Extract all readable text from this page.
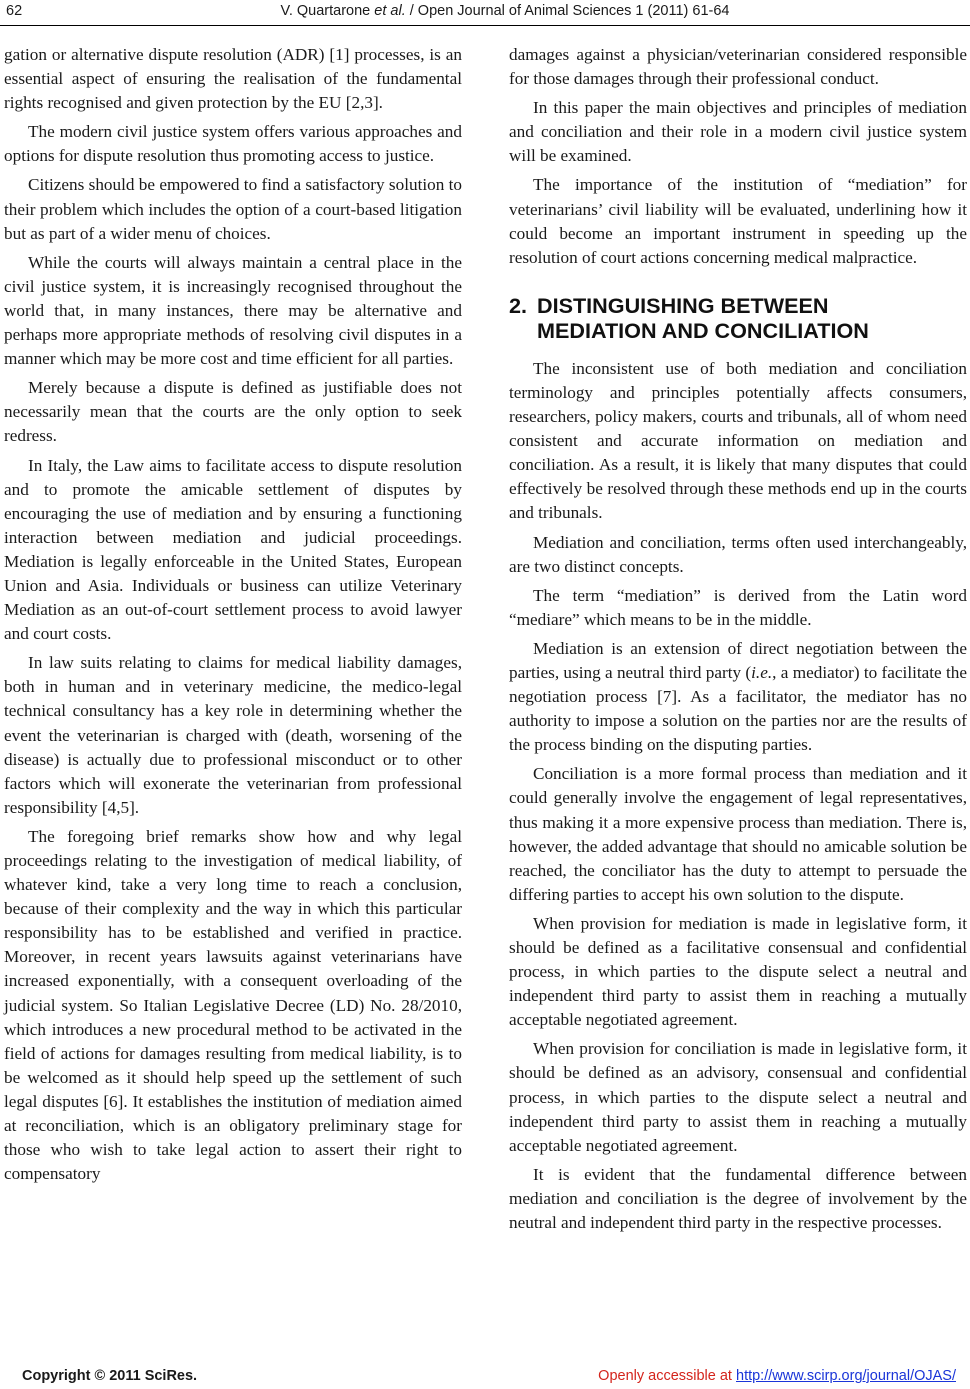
62	V. Quartarone et al. / Open Journal of Animal Sciences 1 (2011) 61-64

gation or alternative dispute resolution (ADR) [1] processes, is an essential aspect of ensuring the realisation of the fundamental rights recognised and given protection by the EU [2,3].

The modern civil justice system offers various approaches and options for dispute resolution thus promoting access to justice.

Citizens should be empowered to find a satisfactory solution to their problem which includes the option of a court-based litigation but as part of a wider menu of choices.

While the courts will always maintain a central place in the civil justice system, it is increasingly recognised throughout the world that, in many instances, there may be alternative and perhaps more appropriate methods of resolving civil disputes in a manner which may be more cost and time efficient for all parties.

Merely because a dispute is defined as justifiable does not necessarily mean that the courts are the only option to seek redress.

In Italy, the Law aims to facilitate access to dispute resolution and to promote the amicable settlement of disputes by encouraging the use of mediation and by ensuring a functioning interaction between mediation and judicial proceedings. Mediation is legally enforceable in the United States, European Union and Asia. Individuals or business can utilize Veterinary Mediation as an out-of-court settlement process to avoid lawyer and court costs.

In law suits relating to claims for medical liability damages, both in human and in veterinary medicine, the medico-legal technical consultancy has a key role in determining whether the event the veterinarian is charged with (death, worsening of the disease) is actually due to professional misconduct or to other factors which will exonerate the veterinarian from professional responsibility [4,5].

The foregoing brief remarks show how and why legal proceedings relating to the investigation of medical liability, of whatever kind, take a very long time to reach a conclusion, because of their complexity and the way in which this particular responsibility has to be established and verified in practice. Moreover, in recent years lawsuits against veterinarians have increased exponentially, with a consequent overloading of the judicial system. So Italian Legislative Decree (LD) No. 28/2010, which introduces a new procedural method to be activated in the field of actions for damages resulting from medical liability, is to be welcomed as it should help speed up the settlement of such legal disputes [6]. It establishes the institution of mediation aimed at reconciliation, which is an obligatory preliminary stage for those who wish to take legal action to assert their right to compensatory

damages against a physician/veterinarian considered responsible for those damages through their professional conduct.

In this paper the main objectives and principles of mediation and conciliation and their role in a modern civil justice system will be examined.

The importance of the institution of “mediation” for veterinarians’ civil liability will be evaluated, underlining how it could become an important instrument in speeding up the resolution of court actions concerning medical malpractice.

2. DISTINGUISHING BETWEEN
MEDIATION AND CONCILIATION

The inconsistent use of both mediation and conciliation terminology and principles potentially affects consumers, researchers, policy makers, courts and tribunals, all of whom need consistent and accurate information on mediation and conciliation. As a result, it is likely that many disputes that could effectively be resolved through these methods end up in the courts and tribunals.

Mediation and conciliation, terms often used interchangeably, are two distinct concepts.

The term “mediation” is derived from the Latin word “mediare” which means to be in the middle.

Mediation is an extension of direct negotiation between the parties, using a neutral third party (i.e., a mediator) to facilitate the negotiation process [7]. As a facilitator, the mediator has no authority to impose a solution on the parties nor are the results of the process binding on the disputing parties.

Conciliation is a more formal process than mediation and it could generally involve the engagement of legal representatives, thus making it a more expensive process than mediation. There is, however, the added advantage that should no amicable solution be reached, the conciliator has the duty to attempt to persuade the differing parties to accept his own solution to the dispute.

When provision for mediation is made in legislative form, it should be defined as a facilitative consensual and confidential process, in which parties to the dispute select a neutral and independent third party to assist them in reaching a mutually acceptable negotiated agreement.

When provision for conciliation is made in legislative form, it should be defined as an advisory, consensual and confidential process, in which parties to the dispute select a neutral and independent third party to assist them in reaching a mutually acceptable negotiated agreement.

It is evident that the fundamental difference between mediation and conciliation is the degree of involvement by the neutral and independent third party in the respective processes.

Copyright © 2011 SciRes.	Openly accessible at http://www.scirp.org/journal/OJAS/
